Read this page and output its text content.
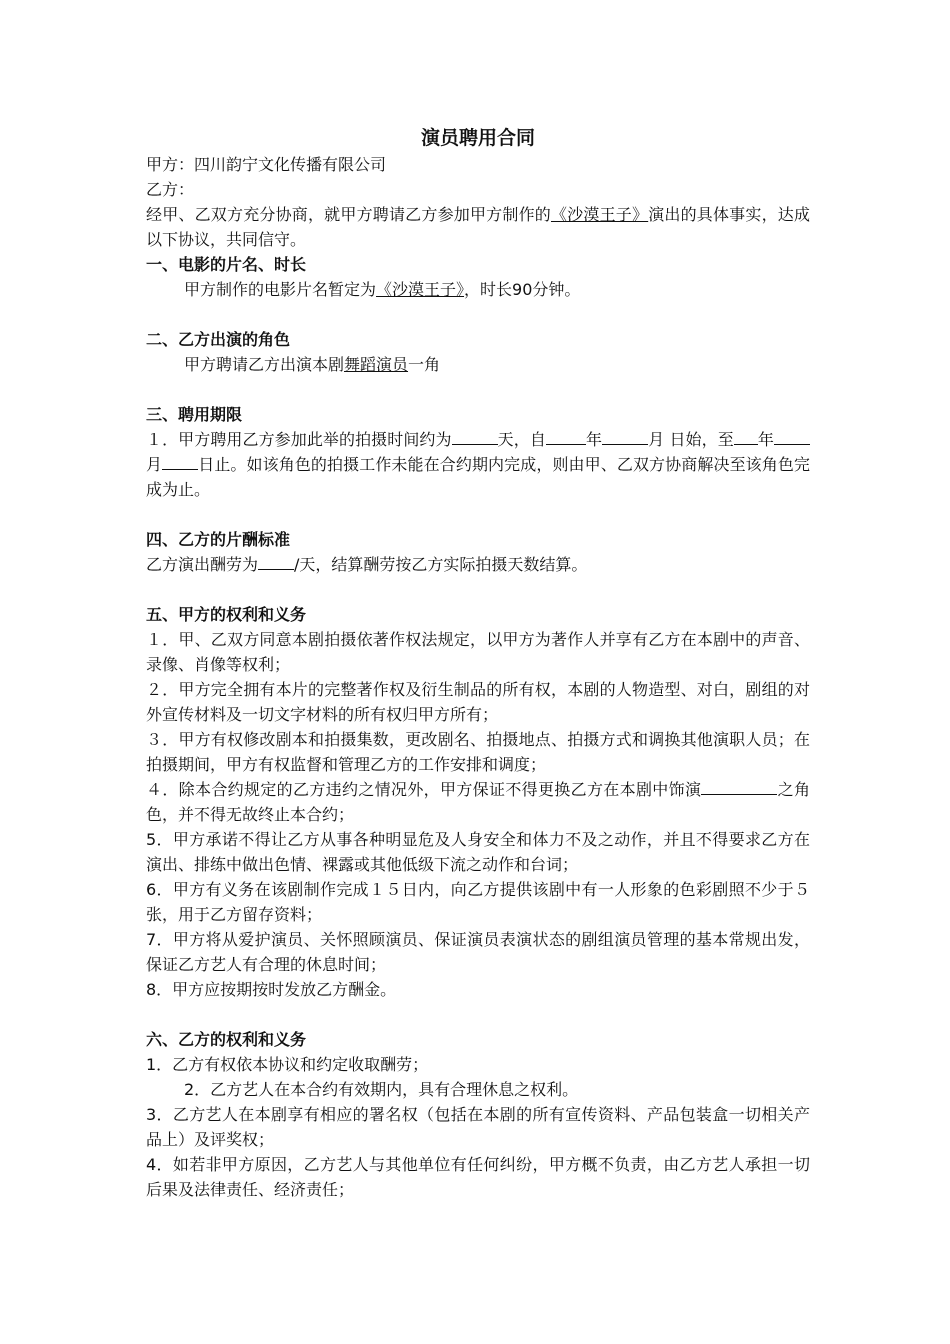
演员聘用合同

甲方：四川韵宁文化传播有限公司

乙方：

经甲、乙双方充分协商，就甲方聘请乙方参加甲方制作的《沙漠王子》演出的具体事实，达成以下协议，共同信守。

一、电影的片名、时长

甲方制作的电影片名暂定为《沙漠王子》，时长90分钟。

二、乙方出演的角色

甲方聘请乙方出演本剧舞蹈演员一角

三、聘用期限

１．甲方聘用乙方参加此举的拍摄时间约为	天，自	年	月 日始，至 年月 日止。如该角色的拍摄工作未能在合约期内完成，则由甲、乙双方协商解决至该角色完成为止。

四、乙方的片酬标准

乙方演出酬劳为 /天，结算酬劳按乙方实际拍摄天数结算。

五、甲方的权利和义务

１．甲、乙双方同意本剧拍摄依著作权法规定，以甲方为著作人并享有乙方在本剧中的声音、录像、肖像等权利；

２．甲方完全拥有本片的完整著作权及衍生制品的所有权，本剧的人物造型、对白，剧组的对外宣传材料及一切文字材料的所有权归甲方所有；

３．甲方有权修改剧本和拍摄集数，更改剧名、拍摄地点、拍摄方式和调换其他演职人员；在拍摄期间，甲方有权监督和管理乙方的工作安排和调度；

４．除本合约规定的乙方违约之情况外，甲方保证不得更换乙方在本剧中饰演	之角色，并不得无故终止本合约；

5．甲方承诺不得让乙方从事各种明显危及人身安全和体力不及之动作，并且不得要求乙方在演出、排练中做出色情、裸露或其他低级下流之动作和台词；

6．甲方有义务在该剧制作完成１５日内，向乙方提供该剧中有一人形象的色彩剧照不少于５张，用于乙方留存资料；

7．甲方将从爱护演员、关怀照顾演员、保证演员表演状态的剧组演员管理的基本常规出发，保证乙方艺人有合理的休息时间；

8．甲方应按期按时发放乙方酬金。

六、乙方的权利和义务

1．乙方有权依本协议和约定收取酬劳；

2．乙方艺人在本合约有效期内，具有合理休息之权利。

3．乙方艺人在本剧享有相应的署名权（包括在本剧的所有宣传资料、产品包装盒一切相关产品上）及评奖权；

4．如若非甲方原因，乙方艺人与其他单位有任何纠纷，甲方概不负责，由乙方艺人承担一切后果及法律责任、经济责任；
